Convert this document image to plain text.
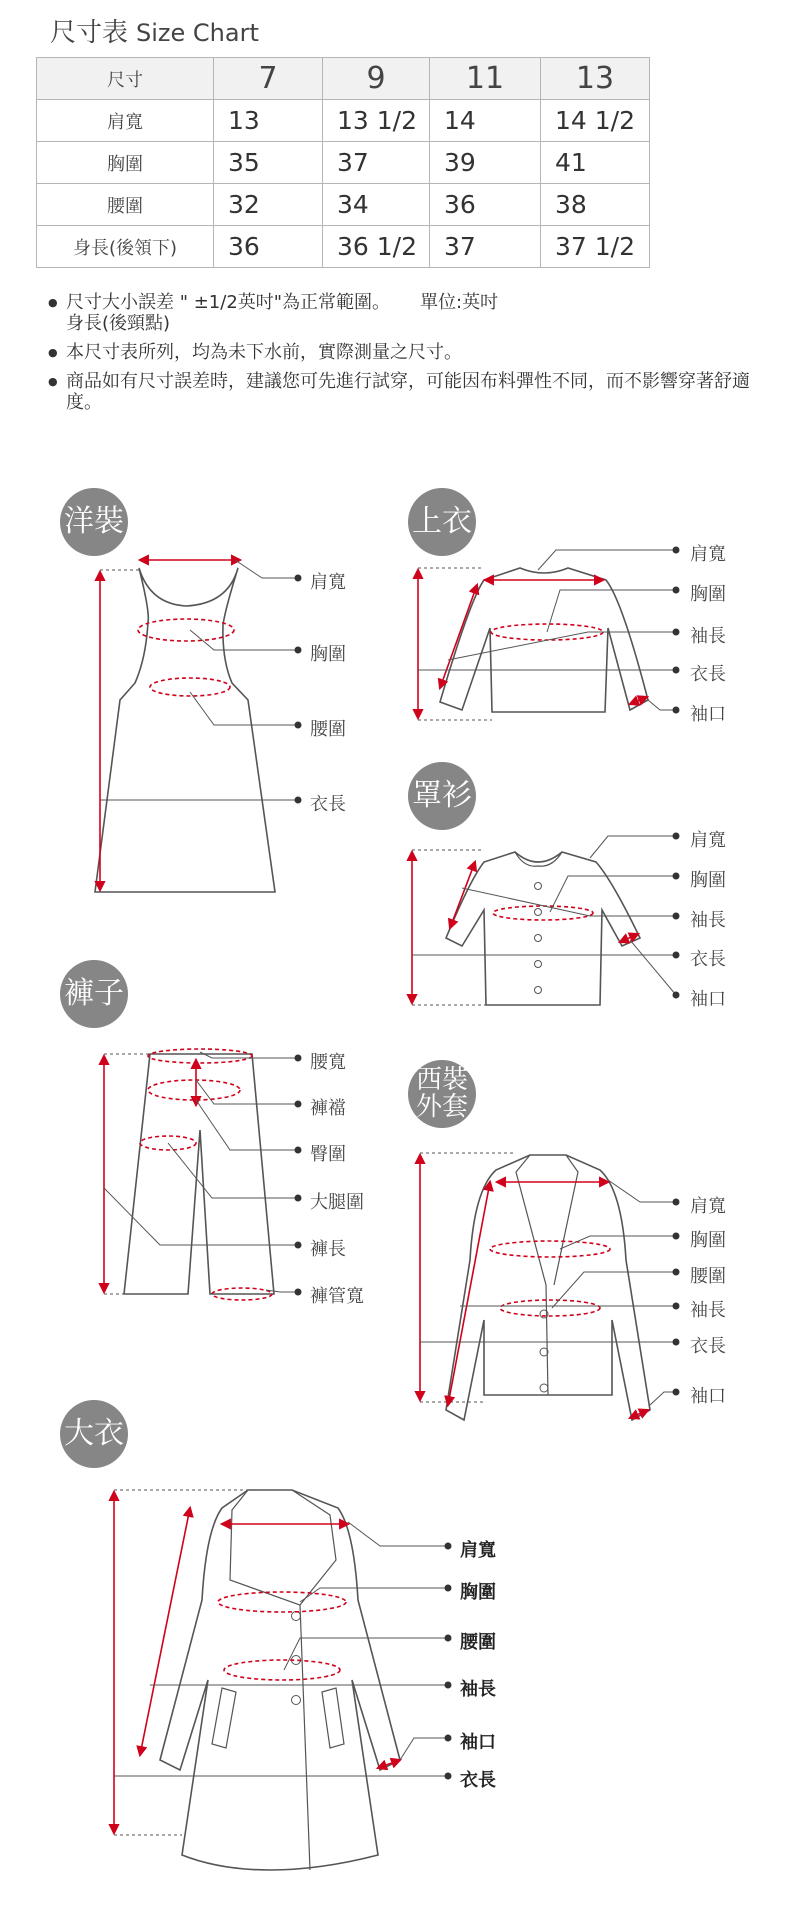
尺寸表 Size Chart
尺寸	7	9	11	13
肩寬	13	13 1/2	14	14 1/2
胸圍	35	37	39	41
腰圍	32	34	36	38
身長(後領下)	36	36 1/2	37	37 1/2
● 尺寸大小誤差 " ±1/2英吋"為正常範圍。 單位:英吋
身長(後頸點)
● 本尺寸表所列，均為未下水前，實際測量之尺寸。
● 商品如有尺寸誤差時，建議您可先進行試穿，可能因布料彈性不同，而不影響穿著舒適度。
洋裝	上衣
罩衫
褲子
西裝外套
大衣
肩寬
胸圍
腰圍
衣長
肩寬
胸圍
袖長
衣長
袖口
肩寬
胸圍
袖長
衣長
袖口
腰寬
褲襠
臀圍
大腿圍
褲長
褲管寬
肩寬
胸圍
腰圍
袖長
衣長
袖口
肩寬
胸圍
腰圍
袖長
袖口
衣長
